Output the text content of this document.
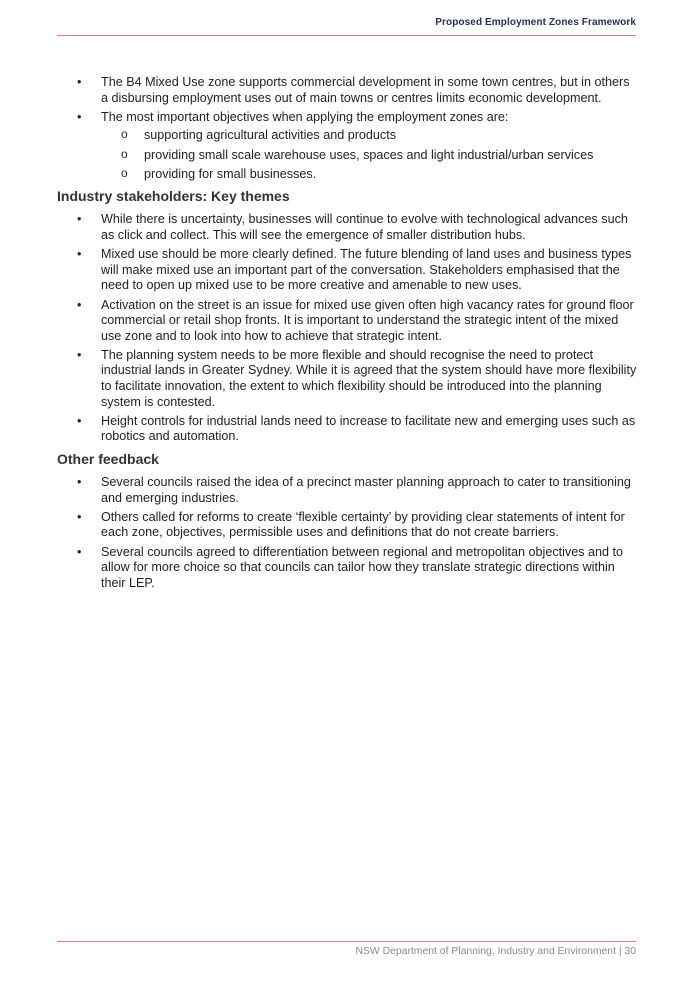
Proposed Employment Zones Framework
• The B4 Mixed Use zone supports commercial development in some town centres, but in others a disbursing employment uses out of main towns or centres limits economic development.
• The most important objectives when applying the employment zones are:
o supporting agricultural activities and products
o providing small scale warehouse uses, spaces and light industrial/urban services
o providing for small businesses.
Industry stakeholders: Key themes
• While there is uncertainty, businesses will continue to evolve with technological advances such as click and collect. This will see the emergence of smaller distribution hubs.
• Mixed use should be more clearly defined. The future blending of land uses and business types will make mixed use an important part of the conversation. Stakeholders emphasised that the need to open up mixed use to be more creative and amenable to new uses.
• Activation on the street is an issue for mixed use given often high vacancy rates for ground floor commercial or retail shop fronts. It is important to understand the strategic intent of the mixed use zone and to look into how to achieve that strategic intent.
• The planning system needs to be more flexible and should recognise the need to protect industrial lands in Greater Sydney. While it is agreed that the system should have more flexibility to facilitate innovation, the extent to which flexibility should be introduced into the planning system is contested.
• Height controls for industrial lands need to increase to facilitate new and emerging uses such as robotics and automation.
Other feedback
• Several councils raised the idea of a precinct master planning approach to cater to transitioning and emerging industries.
• Others called for reforms to create ‘flexible certainty’ by providing clear statements of intent for each zone, objectives, permissible uses and definitions that do not create barriers.
• Several councils agreed to differentiation between regional and metropolitan objectives and to allow for more choice so that councils can tailor how they translate strategic directions within their LEP.
NSW Department of Planning, Industry and Environment | 30
